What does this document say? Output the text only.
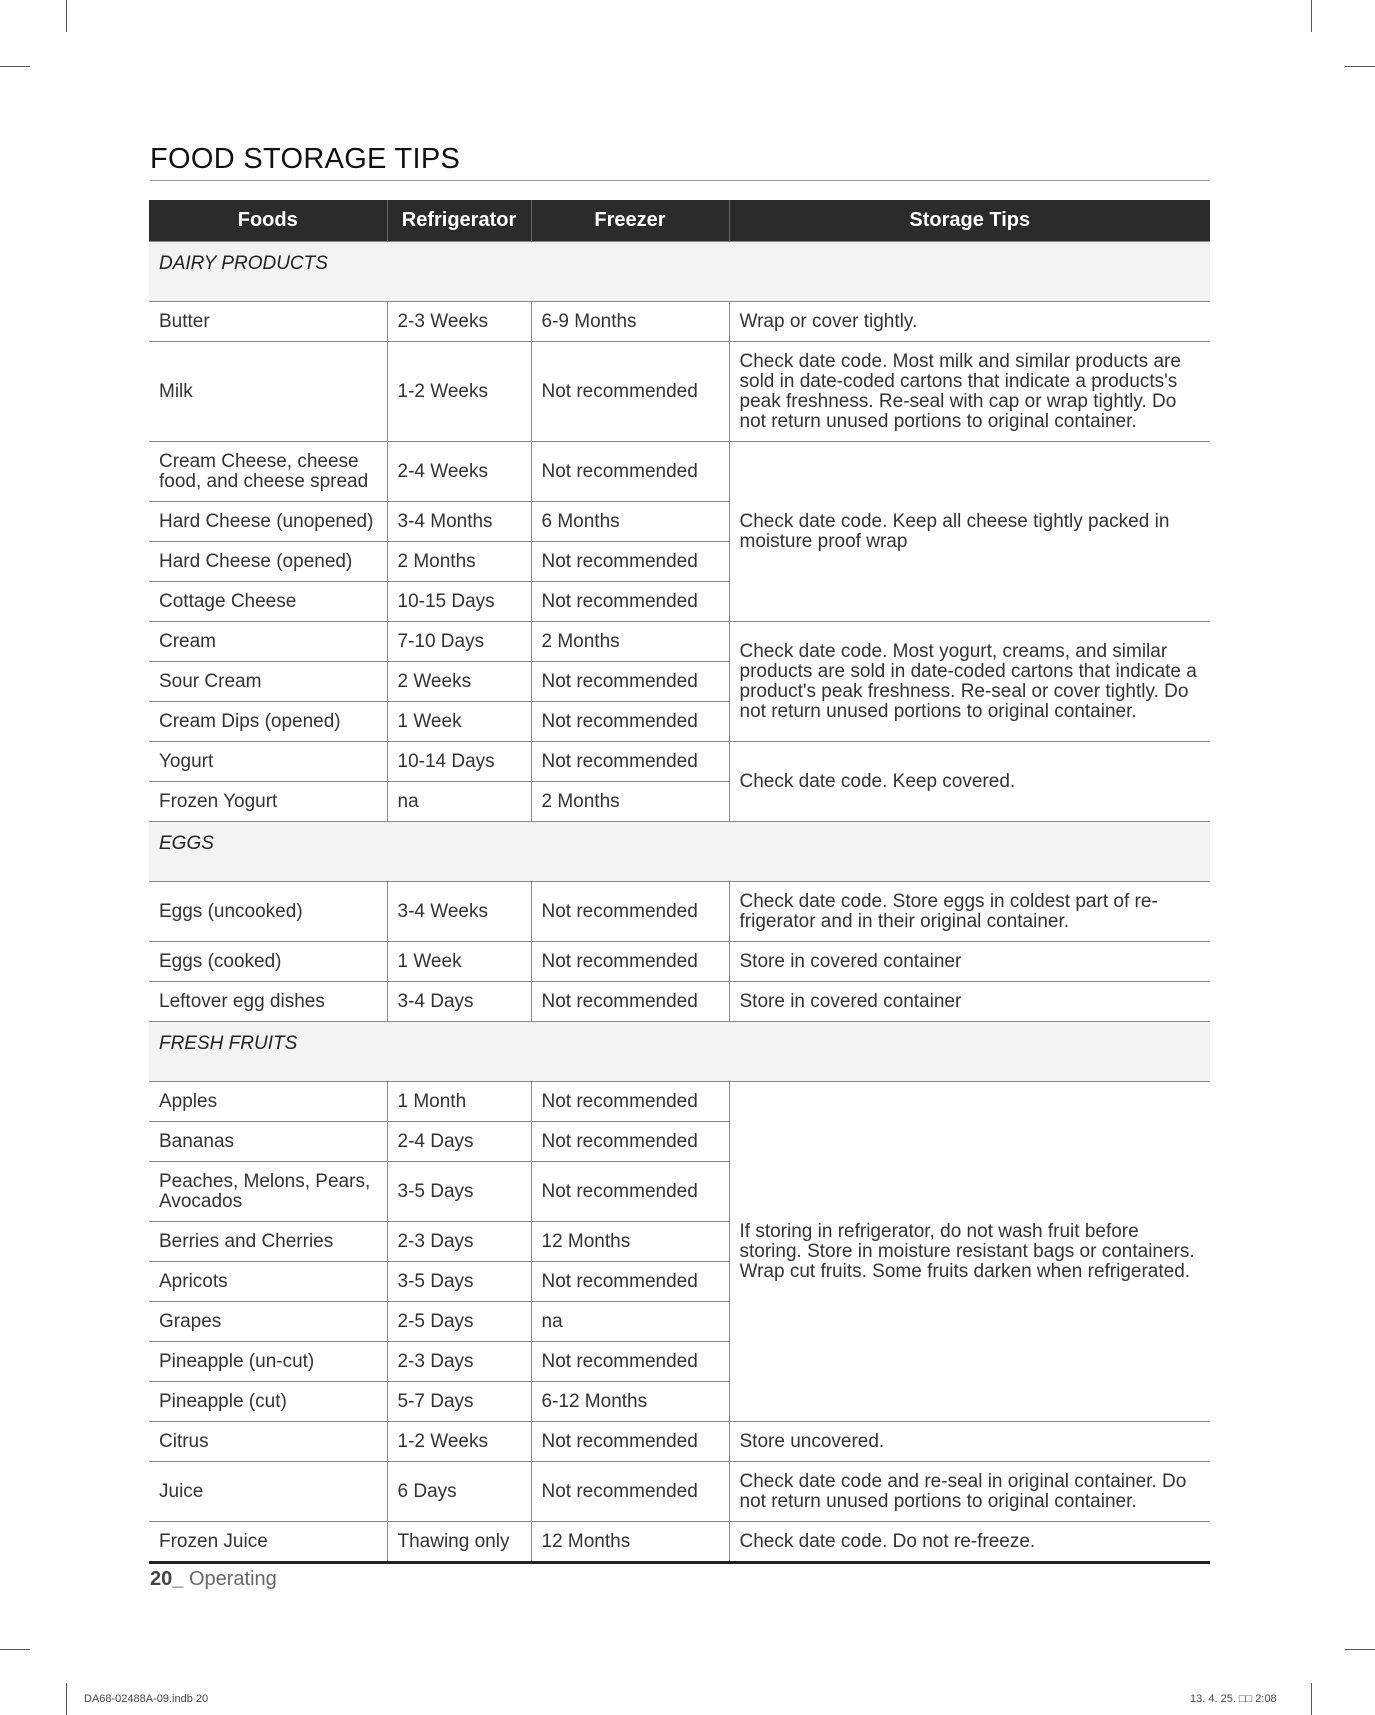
FOOD STORAGE TIPS
Foods	Refrigerator	Freezer	Storage Tips
DAIRY PRODUCTS			
Butter	2-3 Weeks	6-9 Months	Wrap or cover tightly.
Milk	1-2 Weeks	Not recommended	Check date code. Most milk and similar products are sold in date-coded cartons that indicate a products's peak freshness. Re-seal with cap or wrap tightly. Do not return unused portions to original container.
Cream Cheese, cheese food, and cheese spread	2-4 Weeks	Not recommended	Check date code. Keep all cheese tightly packed in moisture proof wrap
Hard Cheese (unopened)	3-4 Months	6 Months	
Hard Cheese (opened)	2 Months	Not recommended	
Cottage Cheese	10-15 Days	Not recommended	
Cream	7-10 Days	2 Months	Check date code. Most yogurt, creams, and similar products are sold in date-coded cartons that indicate a product's peak freshness. Re-seal or cover tightly. Do not return unused portions to original container.
Sour Cream	2 Weeks	Not recommended	
Cream Dips (opened)	1 Week	Not recommended	
Yogurt	10-14 Days	Not recommended	Check date code. Keep covered.
Frozen Yogurt	na	2 Months	
EGGS			
Eggs (uncooked)	3-4 Weeks	Not recommended	Check date code. Store eggs in coldest part of re-frigerator and in their original container.
Eggs (cooked)	1 Week	Not recommended	Store in covered container
Leftover egg dishes	3-4 Days	Not recommended	Store in covered container
FRESH FRUITS			
Apples	1 Month	Not recommended	If storing in refrigerator, do not wash fruit before storing. Store in moisture resistant bags or containers. Wrap cut fruits. Some fruits darken when refrigerated.
Bananas	2-4 Days	Not recommended	
Peaches, Melons, Pears, Avocados	3-5 Days	Not recommended	
Berries and Cherries	2-3 Days	12 Months	
Apricots	3-5 Days	Not recommended	
Grapes	2-5 Days	na	
Pineapple (un-cut)	2-3 Days	Not recommended	
Pineapple (cut)	5-7 Days	6-12 Months	
Citrus	1-2 Weeks	Not recommended	Store uncovered.
Juice	6 Days	Not recommended	Check date code and re-seal in original container. Do not return unused portions to original container.
Frozen Juice	Thawing only	12 Months	Check date code. Do not re-freeze.
20_ Operating
DA68-02488A-09.indb 20	13. 4. 25. □□ 2:08
